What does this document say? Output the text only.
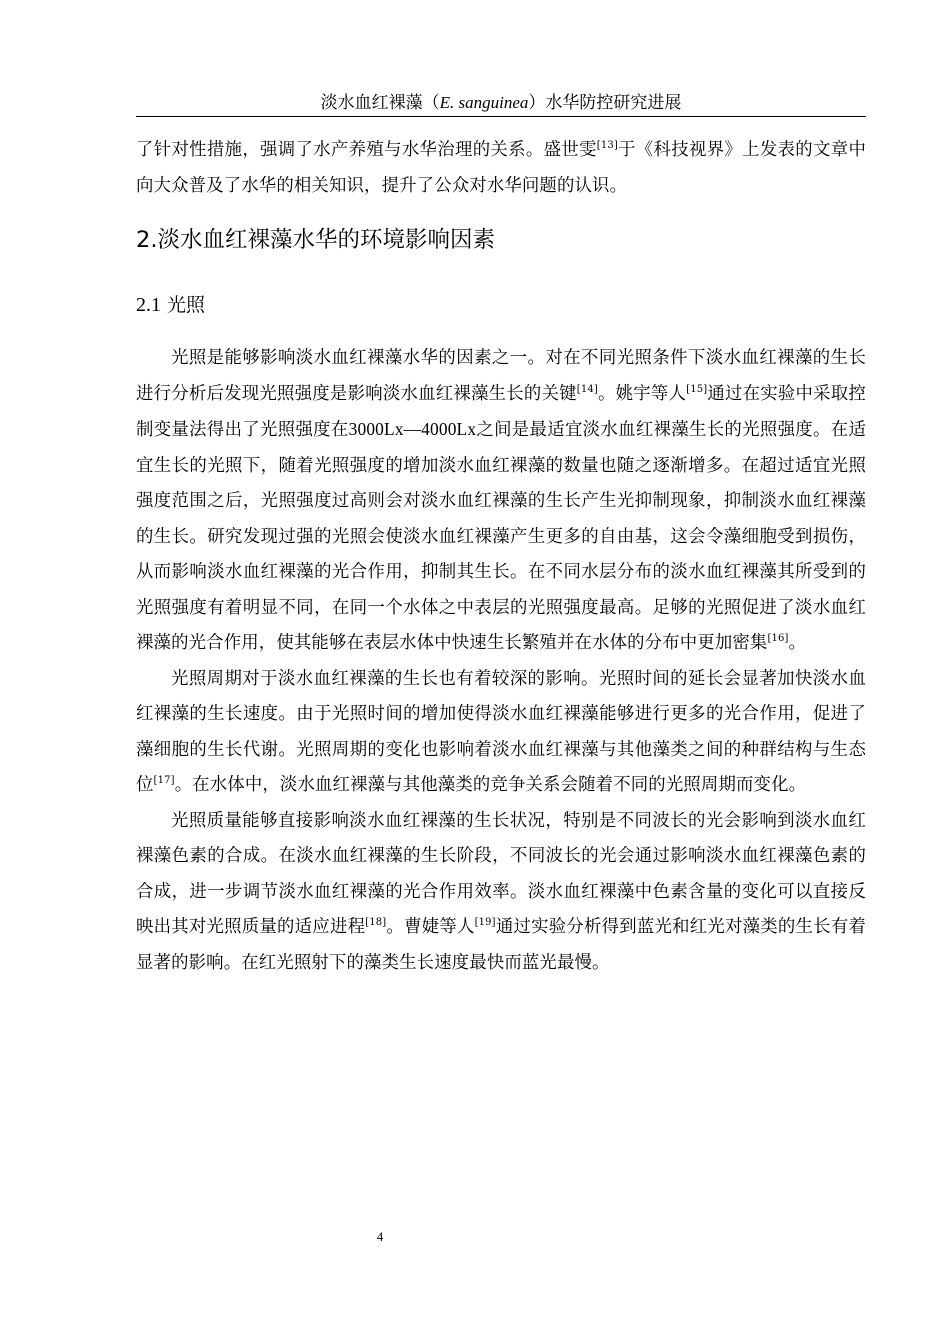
淡水血红裸藻（E. sanguinea）水华防控研究进展

了针对性措施，强调了水产养殖与水华治理的关系。盛世雯[13]于《科技视界》上发表的文章中向大众普及了水华的相关知识，提升了公众对水华问题的认识。

2.淡水血红裸藻水华的环境影响因素
2.1 光照

光照是能够影响淡水血红裸藻水华的因素之一。对在不同光照条件下淡水血红裸藻的生长进行分析后发现光照强度是影响淡水血红裸藻生长的关键[14]。姚宇等人[15]通过在实验中采取控制变量法得出了光照强度在3000Lx—4000Lx之间是最适宜淡水血红裸藻生长的光照强度。在适宜生长的光照下，随着光照强度的增加淡水血红裸藻的数量也随之逐渐增多。在超过适宜光照强度范围之后，光照强度过高则会对淡水血红裸藻的生长产生光抑制现象，抑制淡水血红裸藻的生长。研究发现过强的光照会使淡水血红裸藻产生更多的自由基，这会令藻细胞受到损伤，从而影响淡水血红裸藻的光合作用，抑制其生长。在不同水层分布的淡水血红裸藻其所受到的光照强度有着明显不同，在同一个水体之中表层的光照强度最高。足够的光照促进了淡水血红裸藻的光合作用，使其能够在表层水体中快速生长繁殖并在水体的分布中更加密集[16]。

光照周期对于淡水血红裸藻的生长也有着较深的影响。光照时间的延长会显著加快淡水血红裸藻的生长速度。由于光照时间的增加使得淡水血红裸藻能够进行更多的光合作用，促进了藻细胞的生长代谢。光照周期的变化也影响着淡水血红裸藻与其他藻类之间的种群结构与生态位[17]。在水体中，淡水血红裸藻与其他藻类的竞争关系会随着不同的光照周期而变化。

光照质量能够直接影响淡水血红裸藻的生长状况，特别是不同波长的光会影响到淡水血红裸藻色素的合成。在淡水血红裸藻的生长阶段，不同波长的光会通过影响淡水血红裸藻色素的合成，进一步调节淡水血红裸藻的光合作用效率。淡水血红裸藻中色素含量的变化可以直接反映出其对光照质量的适应进程[18]。曹婕等人[19]通过实验分析得到蓝光和红光对藻类的生长有着显著的影响。在红光照射下的藻类生长速度最快而蓝光最慢。

4
